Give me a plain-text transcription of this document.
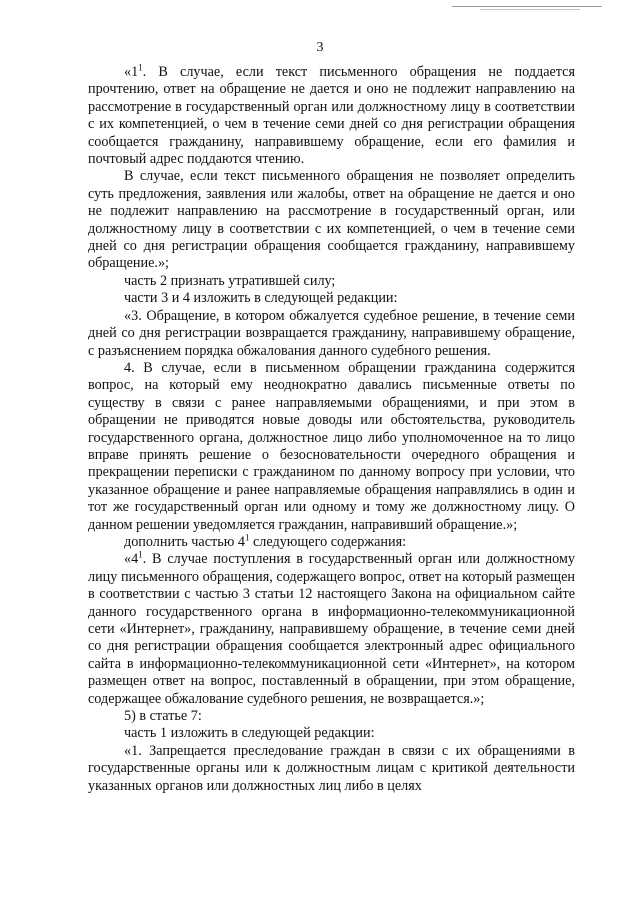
3

«$1^1$. В случае, если текст письменного обращения не поддается прочтению, ответ на обращение не дается и оно не подлежит направлению на рассмотрение в государственный орган или должностному лицу в соответствии с их компетенцией, о чем в течение семи дней со дня регистрации обращения сообщается гражданину, направившему обращение, если его фамилия и почтовый адрес поддаются чтению.

В случае, если текст письменного обращения не позволяет определить суть предложения, заявления или жалобы, ответ на обращение не дается и оно не подлежит направлению на рассмотрение в государственный орган, или должностному лицу в соответствии с их компетенцией, о чем в течение семи дней со дня регистрации обращения сообщается гражданину, направившему обращение.»;

часть 2 признать утратившей силу;

части 3 и 4 изложить в следующей редакции:

«3. Обращение, в котором обжалуется судебное решение, в течение семи дней со дня регистрации возвращается гражданину, направившему обращение, с разъяснением порядка обжалования данного судебного решения.

4. В случае, если в письменном обращении гражданина содержится вопрос, на который ему неоднократно давались письменные ответы по существу в связи с ранее направляемыми обращениями, и при этом в обращении не приводятся новые доводы или обстоятельства, руководитель государственного органа, должностное лицо либо уполномоченное на то лицо вправе принять решение о безосновательности очередного обращения и прекращении переписки с гражданином по данному вопросу при условии, что указанное обращение и ранее направляемые обращения направлялись в один и тот же государственный орган или одному и тому же должностному лицу. О данном решении уведомляется гражданин, направивший обращение.»;

дополнить частью $4^1$ следующего содержания:

«$4^1$. В случае поступления в государственный орган или должностному лицу письменного обращения, содержащего вопрос, ответ на который размещен в соответствии с частью 3 статьи 12 настоящего Закона на официальном сайте данного государственного органа в информационно-телекоммуникационной сети «Интернет», гражданину, направившему обращение, в течение семи дней со дня регистрации обращения сообщается электронный адрес официального сайта в информационно-телекоммуникационной сети «Интернет», на котором размещен ответ на вопрос, поставленный в обращении, при этом обращение, содержащее обжалование судебного решения, не возвращается.»;

5) в статье 7:

часть 1 изложить в следующей редакции:

«1. Запрещается преследование граждан в связи с их обращениями в государственные органы или к должностным лицам с критикой деятельности указанных органов или должностных лиц либо в целях
